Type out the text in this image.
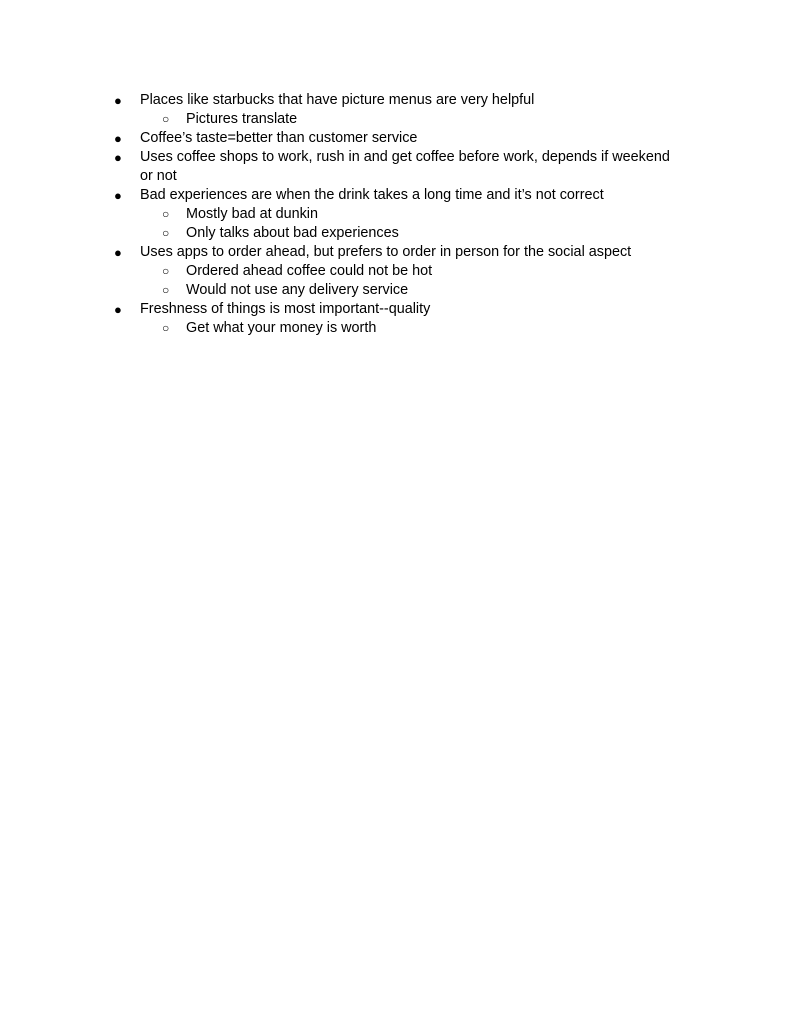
● Places like starbucks that have picture menus are very helpful
○	Pictures translate
● Coffee’s taste=better than customer service
● Uses coffee shops to work, rush in and get coffee before work, depends if weekend or not
● Bad experiences are when the drink takes a long time and it’s not correct
○	Mostly bad at dunkin
○	Only talks about bad experiences
● Uses apps to order ahead, but prefers to order in person for the social aspect
○	Ordered ahead coffee could not be hot
○	Would not use any delivery service
● Freshness of things is most important--quality
○	Get what your money is worth
